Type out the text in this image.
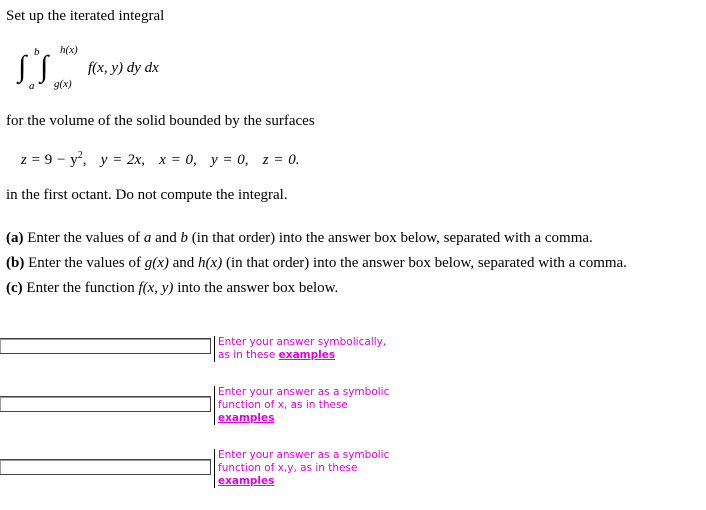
Set up the iterated integral
∫ b
a
∫ h(x)
g(x)
f(x, y) dy dx
for the volume of the solid bounded by the surfaces
$z = 9 - y^2$,   y = 2x, x = 0, y = 0, z = 0.
in the first octant. Do not compute the integral.
(a) Enter the values of a and b (in that order) into the answer box below, separated with a comma.
(b) Enter the values of g(x) and h(x) (in that order) into the answer box below, separated with a comma.
(c) Enter the function f(x, y) into the answer box below.
Enter your answer symbolically,
as in these examples
Enter your answer as a symbolic
function of x, as in these
examples
Enter your answer as a symbolic
function of x,y, as in these
examples
